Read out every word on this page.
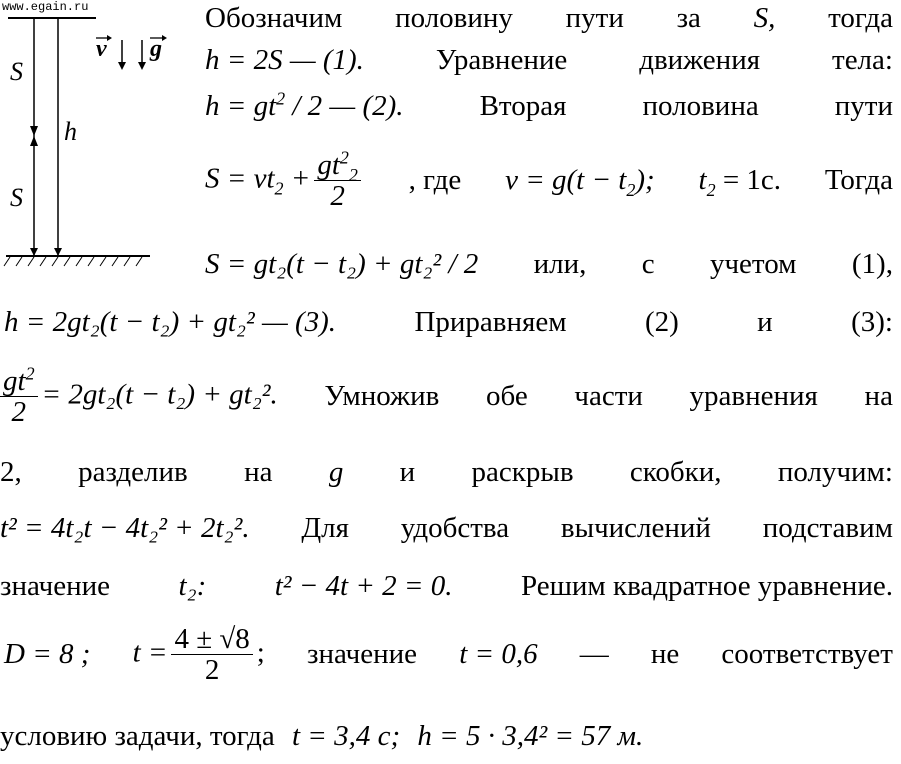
www.egain.ru
S
S
h
v g
Обозначим половину пути за S, тогда
h = 2S — (1). Уравнение движения тела:
$h = gt^2 / 2$ — (2).	Вторая	половина	пути
$S = vt_2 + \frac{gt^2_2}{2}$ , где $v = g(t - t_2)$; $t_2 = 1с$. Тогда
S = gt₂(t − t₂) + gt₂² / 2 или, с учетом (1),
h = 2gt₂(t − t₂) + gt₂² — (3).	Приравняем	(2)	и	(3):
$\frac{gt^2}{2} = 2gt_2(t - t_2) + gt_2^2$. Умножив обе части уравнения на
2, разделив на g и раскрыв скобки, получим:
t² = 4t₂t − 4t₂² + 2t₂². Для удобства вычислений подставим
значение t₂: t² − 4t + 2 = 0. Решим квадратное уравнение.
D = 8 ; $t = \frac{4 \pm √8}{2}$ ; значение t = 0,6 — не соответствует
условию задачи, тогда t = 3,4 с; h = 5 · 3,4² = 57 м.
